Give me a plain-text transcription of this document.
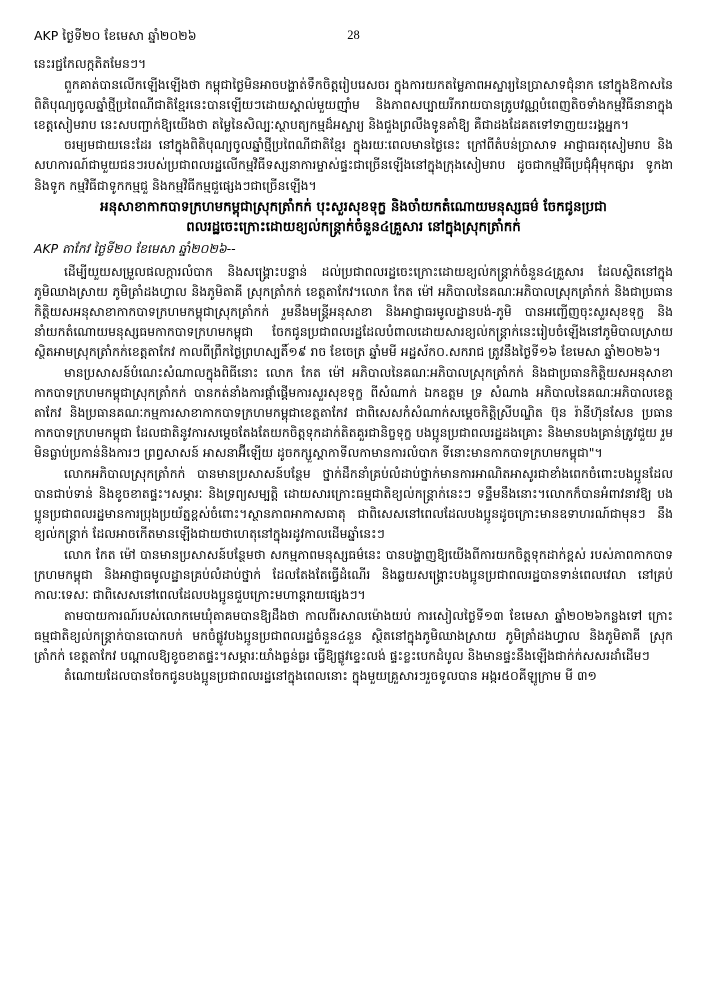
AKP ថ្ងៃទី២០ ខែមេសា ឆ្នាំ២០២៦	28

នេះរជ្ជកែលក្កតិតមែនៗ។

ពួកគាត់បានលើកឡើងឡើងថា កម្ពុជាថ្ងៃមិនអាចបង្ហាត់ទឹកចិត្តរៀបរេសចរ ក្នុងការយកតម្លៃភាពអស្ចារ្យនៃប្រាសាទជុំនាក នៅក្នុងឱកាសនៃពិតិបុណ្យចូលឆ្នាំថ្មីប្រពៃណីជាតិខ្មែរនេះបានឡើយៗដោយស្គាល់មួយញ៉ាំម និងភាពសប្បាយរីករាយបានត្រូបវណ្ណបំពេញតិចទាំងកម្មវិធីនានាក្នុងខេត្តសៀមរាប នេះសបញ្ជាក់ឱ្យយើងថា តម្លៃនៃសិល្បៈស្ថាបត្យកម្មដ៏អស្ចារ្យ និងជួងព្រលឹងទូនគាំឱ្យ គឺជាដងដែគតទៅទាញយះរង្គអ្នក។

ចរម្យមជាយនេះដែរ នៅក្នុងពិតិបុណ្យចូលឆ្នាំថ្មីប្រពៃណីជាតិខ្មែរ ក្នុងរយៈពេលមានថ្ងៃនេះ ក្រៅពីតំបន់ប្រាសាទ អាជ្ញាធរតុសៀមរាប និងសហការណ៍ជាមួយជនៗរបស់ប្រជាពលរដ្ឋលើកម្មវិធីទស្សនាការម្ចាស់ផ្ទះជាច្រើនឡើងនៅក្នុងក្រុងសៀមរាប ដូចជាកម្មវិធីប្រជុំអ៊ុំមុកផ្សារ ទូកងា និងទូក កម្មវិធីជាទូកកម្មជួ និងកម្មវិធីកម្មជួផ្សេងៗជាច្រើនឡើង។

អនុសាខាកាកបាទក្រហមកម្ពុជាស្រុកត្រាំកក់ បុះសួរសុខទុក្ខ និងចាំយកតំណោយមនុស្សធម៌ ចែកជូនប្រជា
ពលរដ្ឋចេះក្រោះដោយខ្យល់កន្ត្រាក់ចំនួន៤គ្រួសារ នៅក្នុងស្រុកត្រាំកក់

AKP តាកែវ ថ្ងៃទី២០ ខែមេសា ឆ្នាំ២០២៦--

ដើម្បីយួយសម្រួលផលក្ការលំបាក និងសង្រ្គោះបន្ទាន់ ដល់ប្រជាពលរដ្ឋចេះក្រោះដោយខ្យល់កន្ត្រាក់ចំនួន៤គ្រួសារ ដែលស្ថិតនៅក្នុងភូមិឈាងស្រាយ ភូមិត្រាំដងហ្វាល និងភូមិតាគី ស្រុកត្រាំកក់ ខេត្តតាកែវ។លោក កែត ម៉ៅ អភិបាលនៃគណៈអភិបាលស្រុកត្រាំកក់ និងជាប្រធានកិត្តិយសអនុសាខាកាកបាទក្រហមកម្ពុជាស្រុកត្រាំកក់ រួមនឹងមន្រ្តីអនុសាខា និងអាជ្ញាធរមូលដ្ឋានបង់-ភូមិ បានអញ្ជើញចុះសួរសុខទុក្ខ និងនាំយកតំណោយមនុស្សធមកាកបាទក្រហមកម្ពុជា ចែកជូនប្រជាពលរដ្ឋដែលបំពាលដោយសារខ្យល់កន្ត្រាក់នេះរៀបចំឡើងនៅភូមិបាលស្រាយស្ថិតអាមស្រុកត្រាំកក់ខេត្តតាកែវ កាលពីព្រឹកថ្ងៃព្រហស្បតិ៍១៩ រាច ខែចេត្រ ឆ្នាំមមី អដ្ឋស័ក០.សករាជ ត្រូវនឹងថ្ងៃទី១៦ ខែមេសា ឆ្នាំ២០២៦។

មានប្រសាសន៍បំណេះសំណាលក្នុងពិធីនោះ លោក កែត ម៉ៅ អភិបាលនៃគណៈអភិបាលស្រុកត្រាំកក់ និងជាប្រធានកិត្តិយសអនុសាខាកាកបាទក្រហមកម្ពុជាស្រុកត្រាំកក់ បានកត់នាំងការផ្តាំផ្តើមការសួរសុខទុក្ខ ពីសំណាក់ ឯកឧត្តម ទ្រ សំណាង អភិបាលនៃគណៈអភិបាលខេត្តតាកែវ និងប្រធានគណៈកម្មការសាខាកាកបាទក្រហមកម្ពុជាខេត្តតាកែវ ជាពិសេសកំសំណាក់សម្តេចកិត្តិស្រីបណ្ឌិត ប៊ុន រ៉ានីហ៊ុនសែន ប្រធានកាកបាទក្រហមកម្ពុជា ដែលជាតិនូវការសម្តេចតែងតែយកចិត្តទុកដាក់តិតគួរជានិច្ចទុក្ខ បងប្អូនប្រជាពលរដ្ឋដងគ្រោះ និងមានបងគ្រាន់ត្រូវជួយ រួមមិនធ្លាប់ប្រកាន់និងការៗ ព្រព្ធសាសន៍ អាសនាអ៊ីឡើយ ដូចកក្សួស្តាកាទីលកាមានការលំបាក ទីនោះមានកាកបាទក្រហមកម្ពុជា"។

លោកអភិបាលស្រុកត្រាំកក់ បានមានប្រសាសន៍បន្ថែម ថ្នាក់ដឹកនាំគ្រប់លំដាប់ថ្នាក់មានការអាណិតអាសូរជាខាំងពេកចំពោះបងប្អូនដែលបានជាប់ទាន់ និងខូចខាតផ្ទះ។សម្ភារៈ និងទ្រព្យសម្បត្តិ ដោយសារក្រោះធម្មជាតិខ្យល់កន្ត្រាក់នេះៗ ទន្ទឹមនឹងនោះ។លោកក៏បានអំពាវនាវឱ្យ បងប្អូនប្រជាពលរដ្ឋមានការប្រុងប្រយ័ត្នខ្ពស់ចំពោះ។ស្ថានភាពអាកាសធាតុ ជាពិសេសនៅពេលដែលបងប្អូនដូចក្រោះមានឧទាហរណ៍ជាមុនៗ នឹងខ្យល់កន្ត្រាក់ ដែលអាចកើតមានឡើងជាយថាហេតុនៅក្នុងរដូវកាលដើមឆ្នាំនេះៗ

លោក កែត ម៉ៅ បានមានប្រសាសន៍បន្ថែមថា សកម្មភាពមនុស្សធម៌នេះ បានបង្ហាញឱ្យយើងពីការយកចិត្តទុកដាក់ខ្ពស់ របស់ភាពកាកបាទក្រហមកម្ពុជា និងអាជ្ញាធមូលដ្ឋានគ្រប់លំដាប់ថ្នាក់ ដែលតែងតែធ្វើដំណើរ និងឆ្លយសង្រ្គោះបងប្អូនប្រជាពលរដ្ឋបានទាន់ពេលវេលា នៅគ្រប់កាលៈទេសៈ ជាពិសេសនៅពេលដែលបងប្អូនជួបក្រោះមហាន្តរាយផ្សេងៗ។

តាមបាយការណ៍របស់លោកមេឃុំតាគមបានឱ្យដឹងថា កាលពីរសាលម៉ោងយប់ ការសៀលថ្ងៃទី១៣ ខែមេសា ឆ្នាំ២០២៦កន្លងទៅ ក្រោះធម្មជាតិខ្យល់កន្ត្រាក់បានបោកបក់ មកចំផ្លូវបងប្អូនប្រជាពលរដ្ឋចំនួន៤នួន ស្ថិតនៅក្នុងភូមិឈាងស្រាយ ភូមិត្រាំដងហ្វាល និងភូមិតាគី ស្រុកត្រាំកក់ ខេត្តតាកែវ បណ្តាលឱ្យខូចខាតផ្ទះ។សម្ភារៈយាំងធ្ងន់ធ្ងរ ធ្វើឱ្យផ្លូវខ្ទេះលង់ ផ្ទះខ្លះបេកដំបូល និងមានផ្ទះនឹងឡើងជាក់ក់សសរដាំដើមៗ

តំណោយដែលបានចែកជូនបងប្អូនប្រជាពលរដ្ឋនៅក្នុងពេលនោះ ក្នុងមួយគ្រួសារៗរួចទូលបាន អង្ករ៥០គីឡូក្រាម មី ៣១
